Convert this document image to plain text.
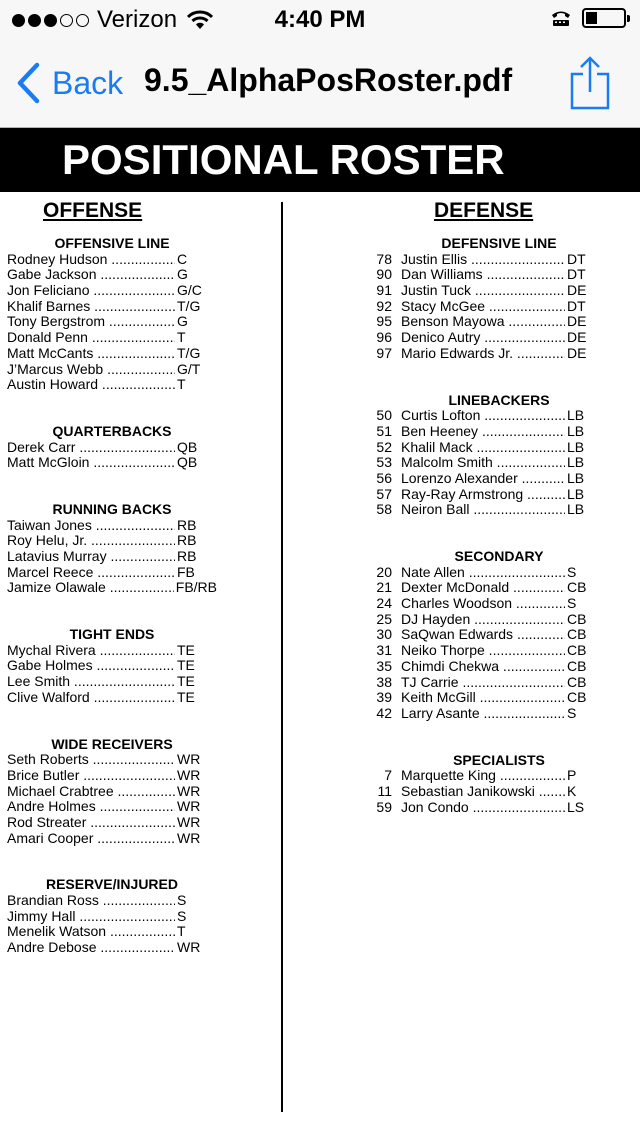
Verizon	4:40 PM
Back 9.5_AlphaPosRoster.pdf
POSITIONAL ROSTER
OFFENSE	DEFENSE
OFFENSIVE LINE
Rodney Hudson .....	C
Gabe Jackson .....	G
Jon Feliciano .....	G/C
Khalif Barnes .....	T/G
Tony Bergstrom .....	G
Donald Penn .....	T
Matt McCants .....	T/G
J’Marcus Webb .....	G/T
Austin Howard .....	T
QUARTERBACKS
Derek Carr .....	QB
Matt McGloin .....	QB
RUNNING BACKS
Taiwan Jones .....	RB
Roy Helu, Jr. .....	RB
Latavius Murray .....	RB
Marcel Reece .....	FB
Jamize Olawale .....	FB/RB
TIGHT ENDS
Mychal Rivera .....	TE
Gabe Holmes .....	TE
Lee Smith .....	TE
Clive Walford .....	TE
WIDE RECEIVERS
Seth Roberts .....	WR
Brice Butler .....	WR
Michael Crabtree .....	WR
Andre Holmes .....	WR
Rod Streater .....	WR
Amari Cooper .....	WR
RESERVE/INJURED
Brandian Ross .....	S
Jimmy Hall .....	S
Menelik Watson .....	T
Andre Debose .....	WR
DEFENSIVE LINE
78 Justin Ellis .....	DT
90 Dan Williams .....	DT
91 Justin Tuck .....	DE
92 Stacy McGee .....	DT
95 Benson Mayowa .....	DE
96 Denico Autry .....	DE
97 Mario Edwards Jr. .....	DE
LINEBACKERS
50 Curtis Lofton .....	LB
51 Ben Heeney .....	LB
52 Khalil Mack .....	LB
53 Malcolm Smith .....	LB
56 Lorenzo Alexander .....	LB
57 Ray-Ray Armstrong .....	LB
58 Neiron Ball .....	LB
SECONDARY
20 Nate Allen .....	S
21 Dexter McDonald .....	CB
24 Charles Woodson .....	S
25 DJ Hayden .....	CB
30 SaQwan Edwards .....	CB
31 Neiko Thorpe .....	CB
35 Chimdi Chekwa .....	CB
38 TJ Carrie .....	CB
39 Keith McGill .....	CB
42 Larry Asante .....	S
SPECIALISTS
7 Marquette King .....	P
11 Sebastian Janikowski .....	K
59 Jon Condo .....	LS
